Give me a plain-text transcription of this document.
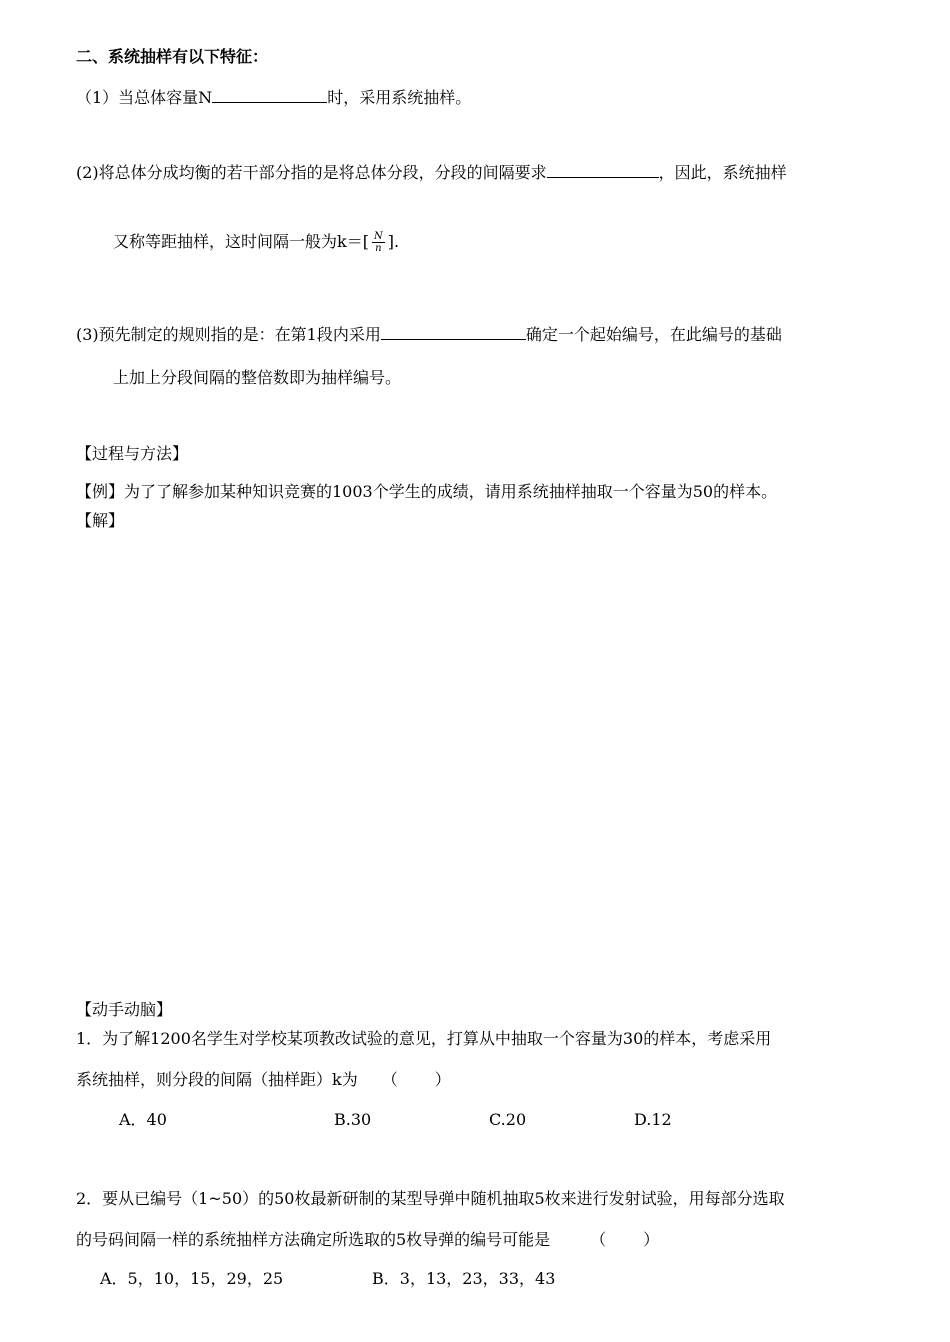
二、系统抽样有以下特征：
（1）当总体容量N	时，采用系统抽样。
(2)将总体分成均衡的若干部分指的是将总体分段，分段的间隔要求	，因此，系统抽样
又称等距抽样，这时间隔一般为$k=[ \frac{N}{n}$ ].
(3)预先制定的规则指的是：在第1段内采用	确定一个起始编号，在此编号的基础
上加上分段间隔的整倍数即为抽样编号。
【过程与方法】
【例】为了了解参加某种知识竞赛的1003个学生的成绩，请用系统抽样抽取一个容量为50的样本。
【解】
【动手动脑】
1．为了解1200名学生对学校某项教改试验的意见，打算从中抽取一个容量为30的样本，考虑采用
系统抽样，则分段的间隔（抽样距）k为　　（　　 ）
A．40	B.30	C.20	D.12
2．要从已编号（1~50）的50枚最新研制的某型导弹中随机抽取5枚来进行发射试验，用每部分选取
的号码间隔一样的系统抽样方法确定所选取的5枚导弹的编号可能是　　　（　　 ）
A．5，10，15，29，25	B．3，13，23，33，43
